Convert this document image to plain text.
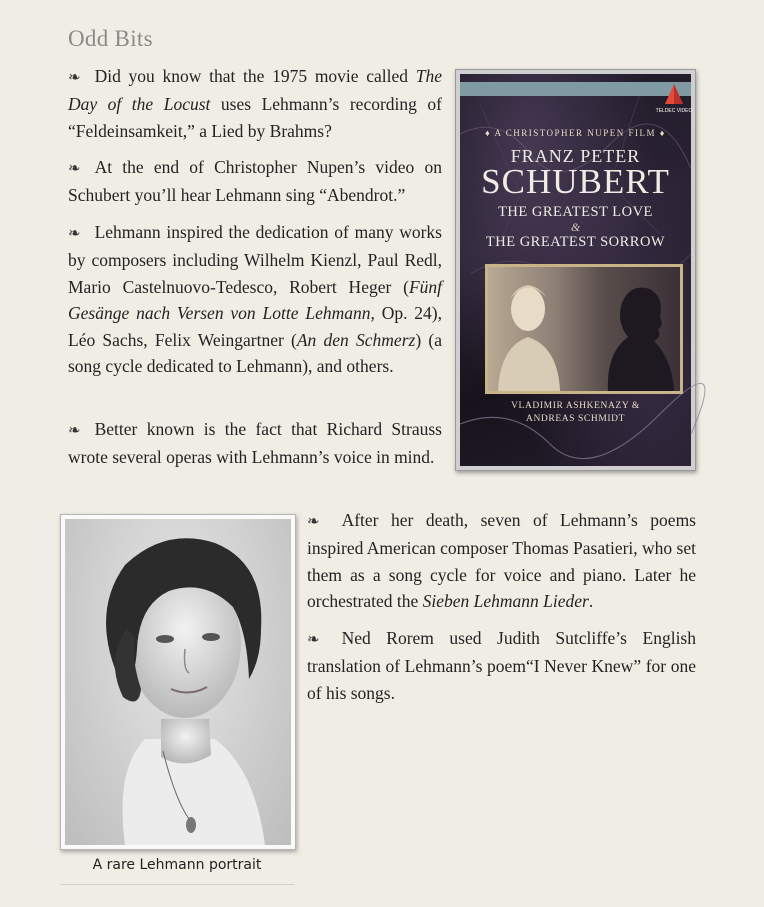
Odd Bits

❧ Did you know that the 1975 movie called The Day of the Locust uses Lehmann’s recording of “Feldeinsamkeit,” a Lied by Brahms?

❧ At the end of Christopher Nupen’s video on Schubert you’ll hear Lehmann sing “Abendrot.”

❧ Lehmann inspired the dedication of many works by composers including Wilhelm Kienzl, Paul Redl, Mario Castelnuovo-Tedesco, Robert Heger (Fünf Gesänge nach Versen von Lotte Lehmann, Op. 24), Léo Sachs, Felix Weingartner (An den Schmerz) (a song cycle dedicated to Lehmann), and others.

❧ Better known is the fact that Richard Strauss wrote several operas with Lehmann’s voice in mind.

TELDEC VIDEO
♦ A CHRISTOPHER NUPEN FILM ♦
FRANZ PETER
SCHUBERT
THE GREATEST LOVE
&
THE GREATEST SORROW
VLADIMIR ASHKENAZY &
ANDREAS SCHMIDT
A rare Lehmann portrait

❧ After her death, seven of Lehmann’s poems inspired American composer Thomas Pasatieri, who set them as a song cycle for voice and piano. Later he orchestrated the Sieben Lehmann Lieder.

❧ Ned Rorem used Judith Sutcliffe’s English translation of Lehmann’s poem“I Never Knew” for one of his songs.
